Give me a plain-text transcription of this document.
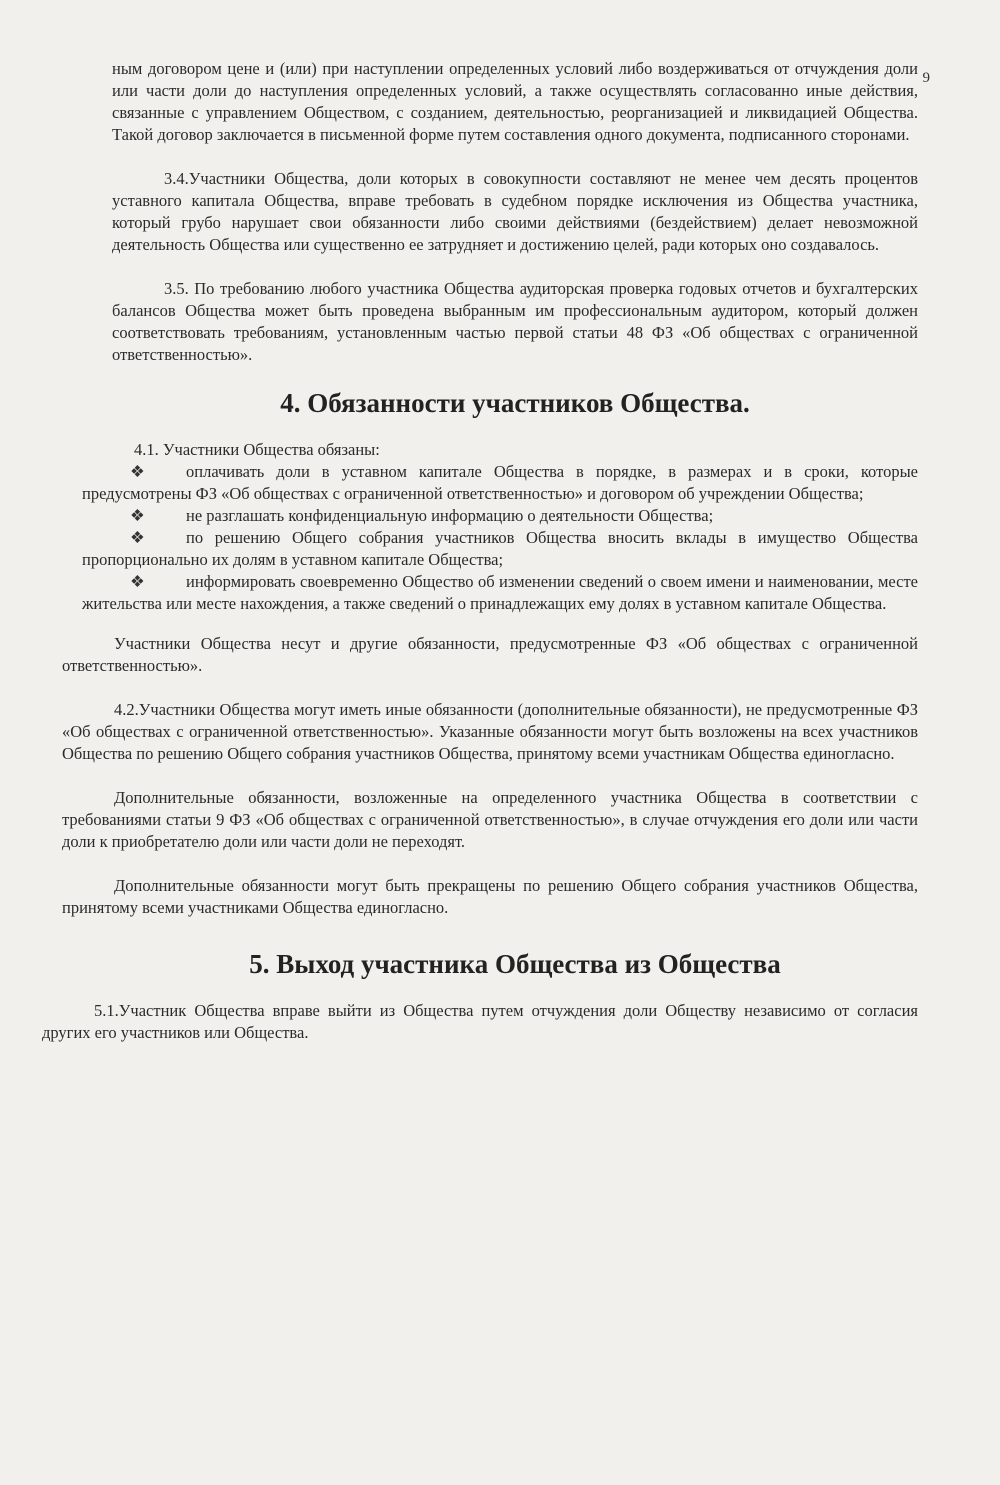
9

ным договором цене и (или) при наступлении определенных условий либо воздерживаться от отчуждения доли или части доли до наступления определенных условий, а также осуществлять согласованно иные действия, связанные с управлением Обществом, с созданием, деятельностью, реорганизацией и ликвидацией Общества. Такой договор заключается в письменной форме путем составления одного документа, подписанного сторонами.

3.4.Участники Общества, доли которых в совокупности составляют не менее чем десять процентов уставного капитала Общества, вправе требовать в судебном порядке исключения из Общества участника, который грубо нарушает свои обязанности либо своими действиями (бездействием) делает невозможной деятельность Общества или существенно ее затрудняет и достижению целей, ради которых оно создавалось.

3.5. По требованию любого участника Общества аудиторская проверка годовых отчетов и бухгалтерских балансов Общества может быть проведена выбранным им профессиональным аудитором, который должен соответствовать требованиям, установленным частью первой статьи 48 ФЗ «Об обществах с ограниченной ответственностью».

4. Обязанности участников Общества.

4.1. Участники Общества обязаны:

❖ оплачивать доли в уставном капитале Общества в порядке, в размерах и в сроки, которые предусмотрены ФЗ «Об обществах с ограниченной ответственностью» и договором об учреждении Общества;

❖ не разглашать конфиденциальную информацию о деятельности Общества;

❖ по решению Общего собрания участников Общества вносить вклады в имущество Общества пропорционально их долям в уставном капитале Общества;

❖ информировать своевременно Общество об изменении сведений о своем имени и наименовании, месте жительства или месте нахождения, а также сведений о принадлежащих ему долях в уставном капитале Общества.

Участники Общества несут и другие обязанности, предусмотренные ФЗ «Об обществах с ограниченной ответственностью».

4.2.Участники Общества могут иметь иные обязанности (дополнительные обязанности), не предусмотренные ФЗ «Об обществах с ограниченной ответственностью». Указанные обязанности могут быть возложены на всех участников Общества по решению Общего собрания участников Общества, принятому всеми участникам Общества единогласно.

Дополнительные обязанности, возложенные на определенного участника Общества в соответствии с требованиями статьи 9 ФЗ «Об обществах с ограниченной ответственностью», в случае отчуждения его доли или части доли к приобретателю доли или части доли не переходят.

Дополнительные обязанности могут быть прекращены по решению Общего собрания участников Общества, принятому всеми участниками Общества единогласно.

5. Выход участника Общества из Общества

5.1.Участник Общества вправе выйти из Общества путем отчуждения доли Обществу независимо от согласия других его участников или Общества.
